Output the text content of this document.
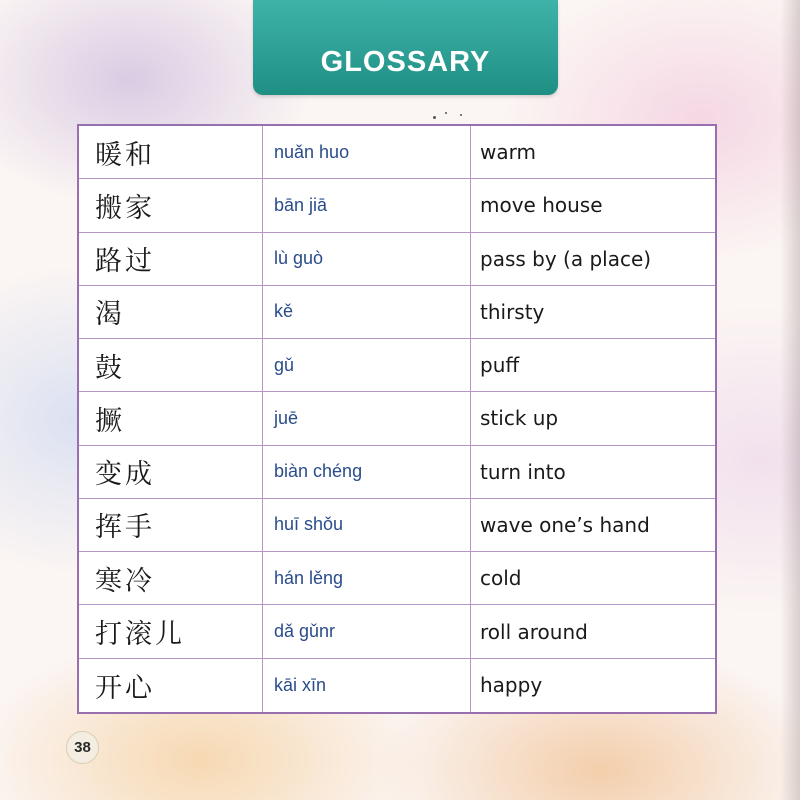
GLOSSARY
暖和	nuǎn huo	warm
搬家	bān jiā	move house
路过	lù guò	pass by (a place)
渴	kě	thirsty
鼓	gǔ	puff
撅	juē	stick up
变成	biàn chéng	turn into
挥手	huī shǒu	wave one’s hand
寒冷	hán lěng	cold
打滚儿	dǎ gǔnr	roll around
开心	kāi xīn	happy
38
